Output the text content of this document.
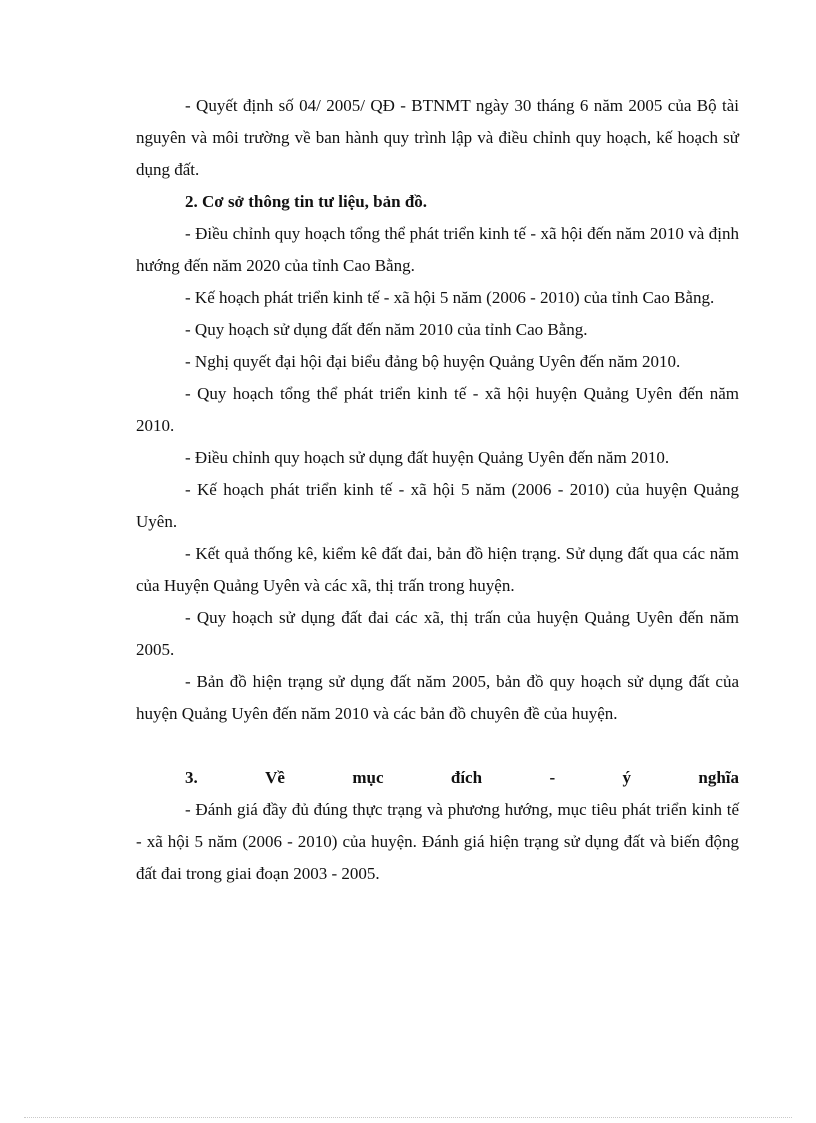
- Quyết định số 04/ 2005/ QĐ - BTNMT ngày 30 tháng 6 năm 2005 của Bộ tài nguyên và môi trường về ban hành quy trình lập và điều chỉnh quy hoạch, kế hoạch sử dụng đất.

2. Cơ sở thông tin tư liệu, bản đồ.

- Điều chỉnh quy hoạch tổng thể phát triển kinh tế - xã hội đến năm 2010 và định hướng đến năm 2020 của tỉnh Cao Bằng.

- Kế hoạch phát triển kinh tế - xã hội 5 năm (2006 - 2010) của tỉnh Cao Bằng.

- Quy hoạch sử dụng đất đến năm 2010 của tỉnh Cao Bằng.

- Nghị quyết đại hội đại biểu đảng bộ huyện Quảng Uyên đến năm 2010.

- Quy hoạch tổng thể phát triển kinh tế - xã hội huyện Quảng Uyên đến năm 2010.

- Điều chỉnh quy hoạch sử dụng đất huyện Quảng Uyên đến năm 2010.

- Kế hoạch phát triển kinh tế - xã hội 5 năm (2006 - 2010) của huyện Quảng Uyên.

- Kết quả thống kê, kiểm kê đất đai, bản đồ hiện trạng. Sử dụng đất qua các năm của Huyện Quảng Uyên và các xã, thị trấn trong huyện.

- Quy hoạch sử dụng đất đai các xã, thị trấn của huyện Quảng Uyên đến năm 2005.

- Bản đồ hiện trạng sử dụng đất năm 2005, bản đồ quy hoạch sử dụng đất của huyện Quảng Uyên đến năm 2010 và các bản đồ chuyên đề của huyện.

3.	Về	mục	đích	-	ý	nghĩa

- Đánh giá đầy đủ đúng thực trạng và phương hướng, mục tiêu phát triển kinh tế - xã hội 5 năm (2006 - 2010) của huyện. Đánh giá hiện trạng sử dụng đất và biến động đất đai trong giai đoạn 2003 - 2005.
